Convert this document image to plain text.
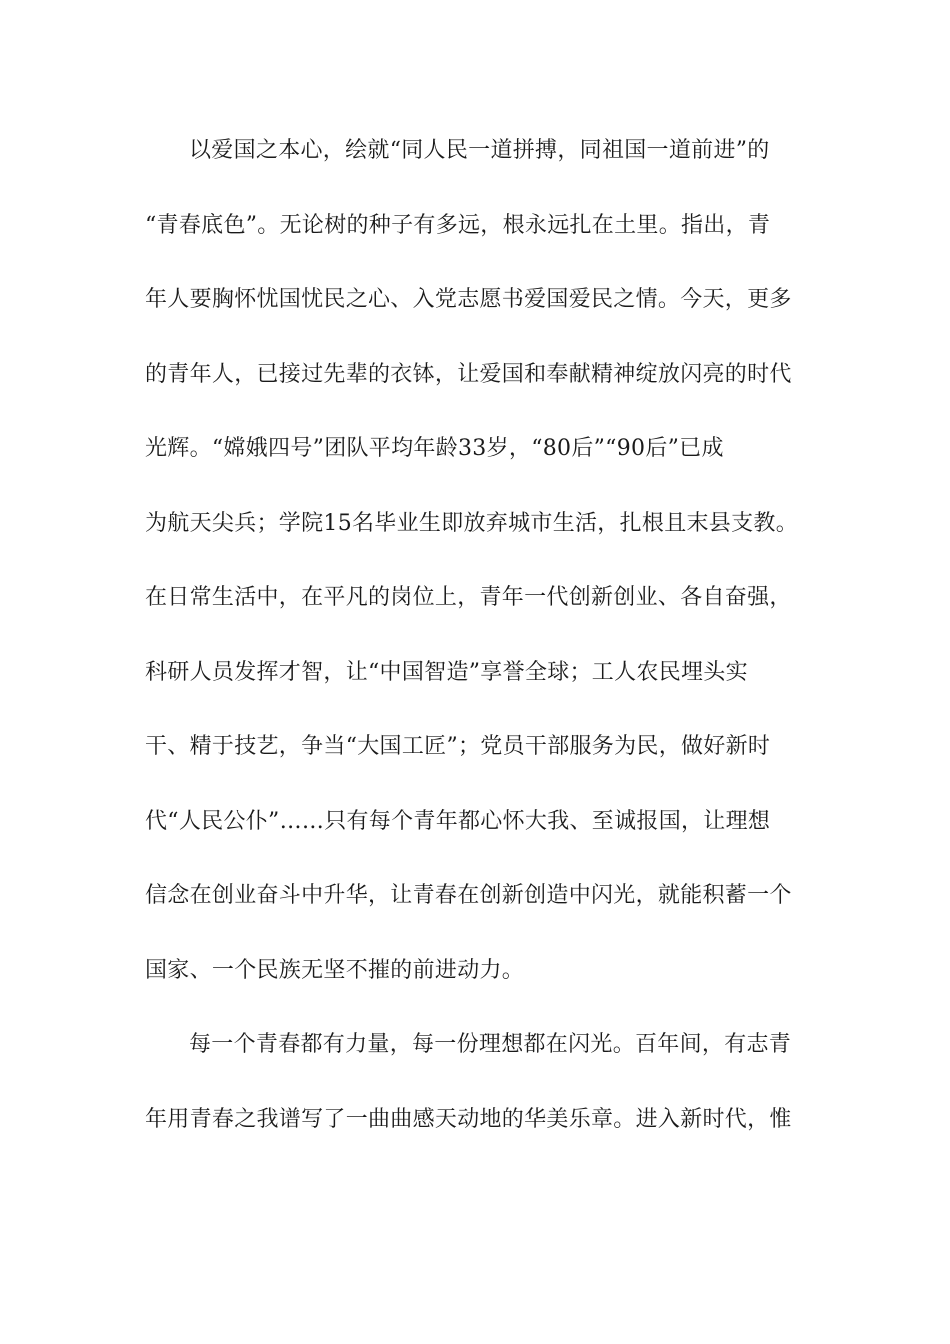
以爱国之本心，绘就“同人民一道拼搏，同祖国一道前进”的
“青春底色”。无论树的种子有多远，根永远扎在土里。指出，青
年人要胸怀忧国忧民之心、入党志愿书爱国爱民之情。今天，更多
的青年人，已接过先辈的衣钵，让爱国和奉献精神绽放闪亮的时代
光辉。“嫦娥四号”团队平均年龄33岁，“80后”“90后”已成
为航天尖兵；学院15名毕业生即放弃城市生活，扎根且末县支教。
在日常生活中，在平凡的岗位上，青年一代创新创业、各自奋强，
科研人员发挥才智，让“中国智造”享誉全球；工人农民埋头实
干、精于技艺，争当“大国工匠”；党员干部服务为民，做好新时
代“人民公仆”……只有每个青年都心怀大我、至诚报国，让理想
信念在创业奋斗中升华，让青春在创新创造中闪光，就能积蓄一个
国家、一个民族无坚不摧的前进动力。
每一个青春都有力量，每一份理想都在闪光。百年间，有志青
年用青春之我谱写了一曲曲感天动地的华美乐章。进入新时代，惟
